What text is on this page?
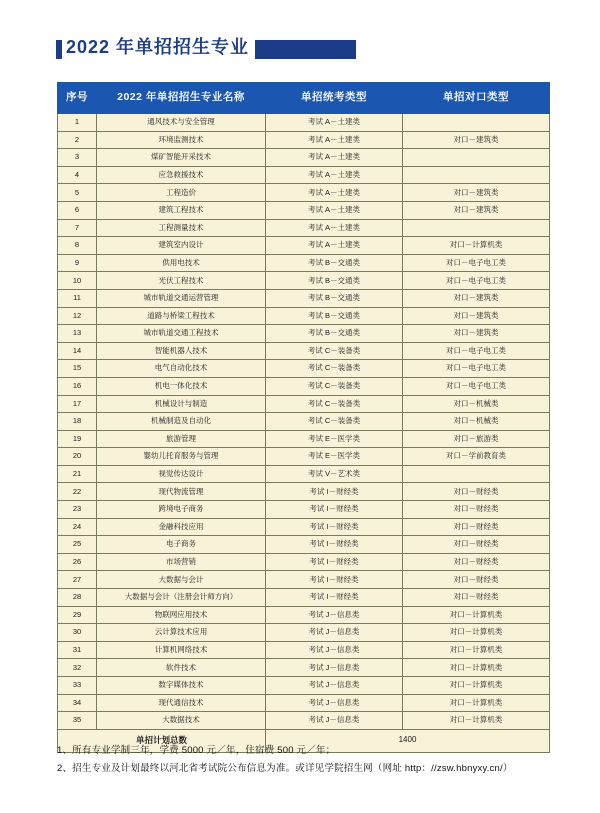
2022 年单招招生专业
序号	2022 年单招招生专业名称	单招统考类型	单招对口类型
1	通风技术与安全管理	考试 A－土建类	
2	环境监测技术	考试 A－土建类	对口－建筑类
3	煤矿智能开采技术	考试 A－土建类	
4	应急救援技术	考试 A－土建类	
5	工程造价	考试 A－土建类	对口－建筑类
6	建筑工程技术	考试 A－土建类	对口－建筑类
7	工程测量技术	考试 A－土建类	
8	建筑室内设计	考试 A－土建类	对口－计算机类
9	供用电技术	考试 B－交通类	对口－电子电工类
10	光伏工程技术	考试 B－交通类	对口－电子电工类
11	城市轨道交通运营管理	考试 B－交通类	对口－建筑类
12	道路与桥梁工程技术	考试 B－交通类	对口－建筑类
13	城市轨道交通工程技术	考试 B－交通类	对口－建筑类
14	智能机器人技术	考试 C－装备类	对口－电子电工类
15	电气自动化技术	考试 C－装备类	对口－电子电工类
16	机电一体化技术	考试 C－装备类	对口－电子电工类
17	机械设计与制造	考试 C－装备类	对口－机械类
18	机械制造及自动化	考试 C－装备类	对口－机械类
19	旅游管理	考试 E－医学类	对口－旅游类
20	婴幼儿托育服务与管理	考试 E－医学类	对口－学前教育类
21	视觉传达设计	考试 V－艺术类	
22	现代物流管理	考试 I－财经类	对口－财经类
23	跨境电子商务	考试 I－财经类	对口－财经类
24	金融科技应用	考试 I－财经类	对口－财经类
25	电子商务	考试 I－财经类	对口－财经类
26	市场营销	考试 I－财经类	对口－财经类
27	大数据与会计	考试 I－财经类	对口－财经类
28	大数据与会计（注册会计师方向）	考试 I－财经类	对口－财经类
29	物联网应用技术	考试 J－信息类	对口－计算机类
30	云计算技术应用	考试 J－信息类	对口－计算机类
31	计算机网络技术	考试 J－信息类	对口－计算机类
32	软件技术	考试 J－信息类	对口－计算机类
33	数字媒体技术	考试 J－信息类	对口－计算机类
34	现代通信技术	考试 J－信息类	对口－计算机类
35	大数据技术	考试 J－信息类	对口－计算机类
单招计划总数		1400	
1、所有专业学制三年，学费 5000 元／年，住宿费 500 元／年；
2、招生专业及计划最终以河北省考试院公布信息为准。或详见学院招生网（网址 http：//zsw.hbnyxy.cn/）
